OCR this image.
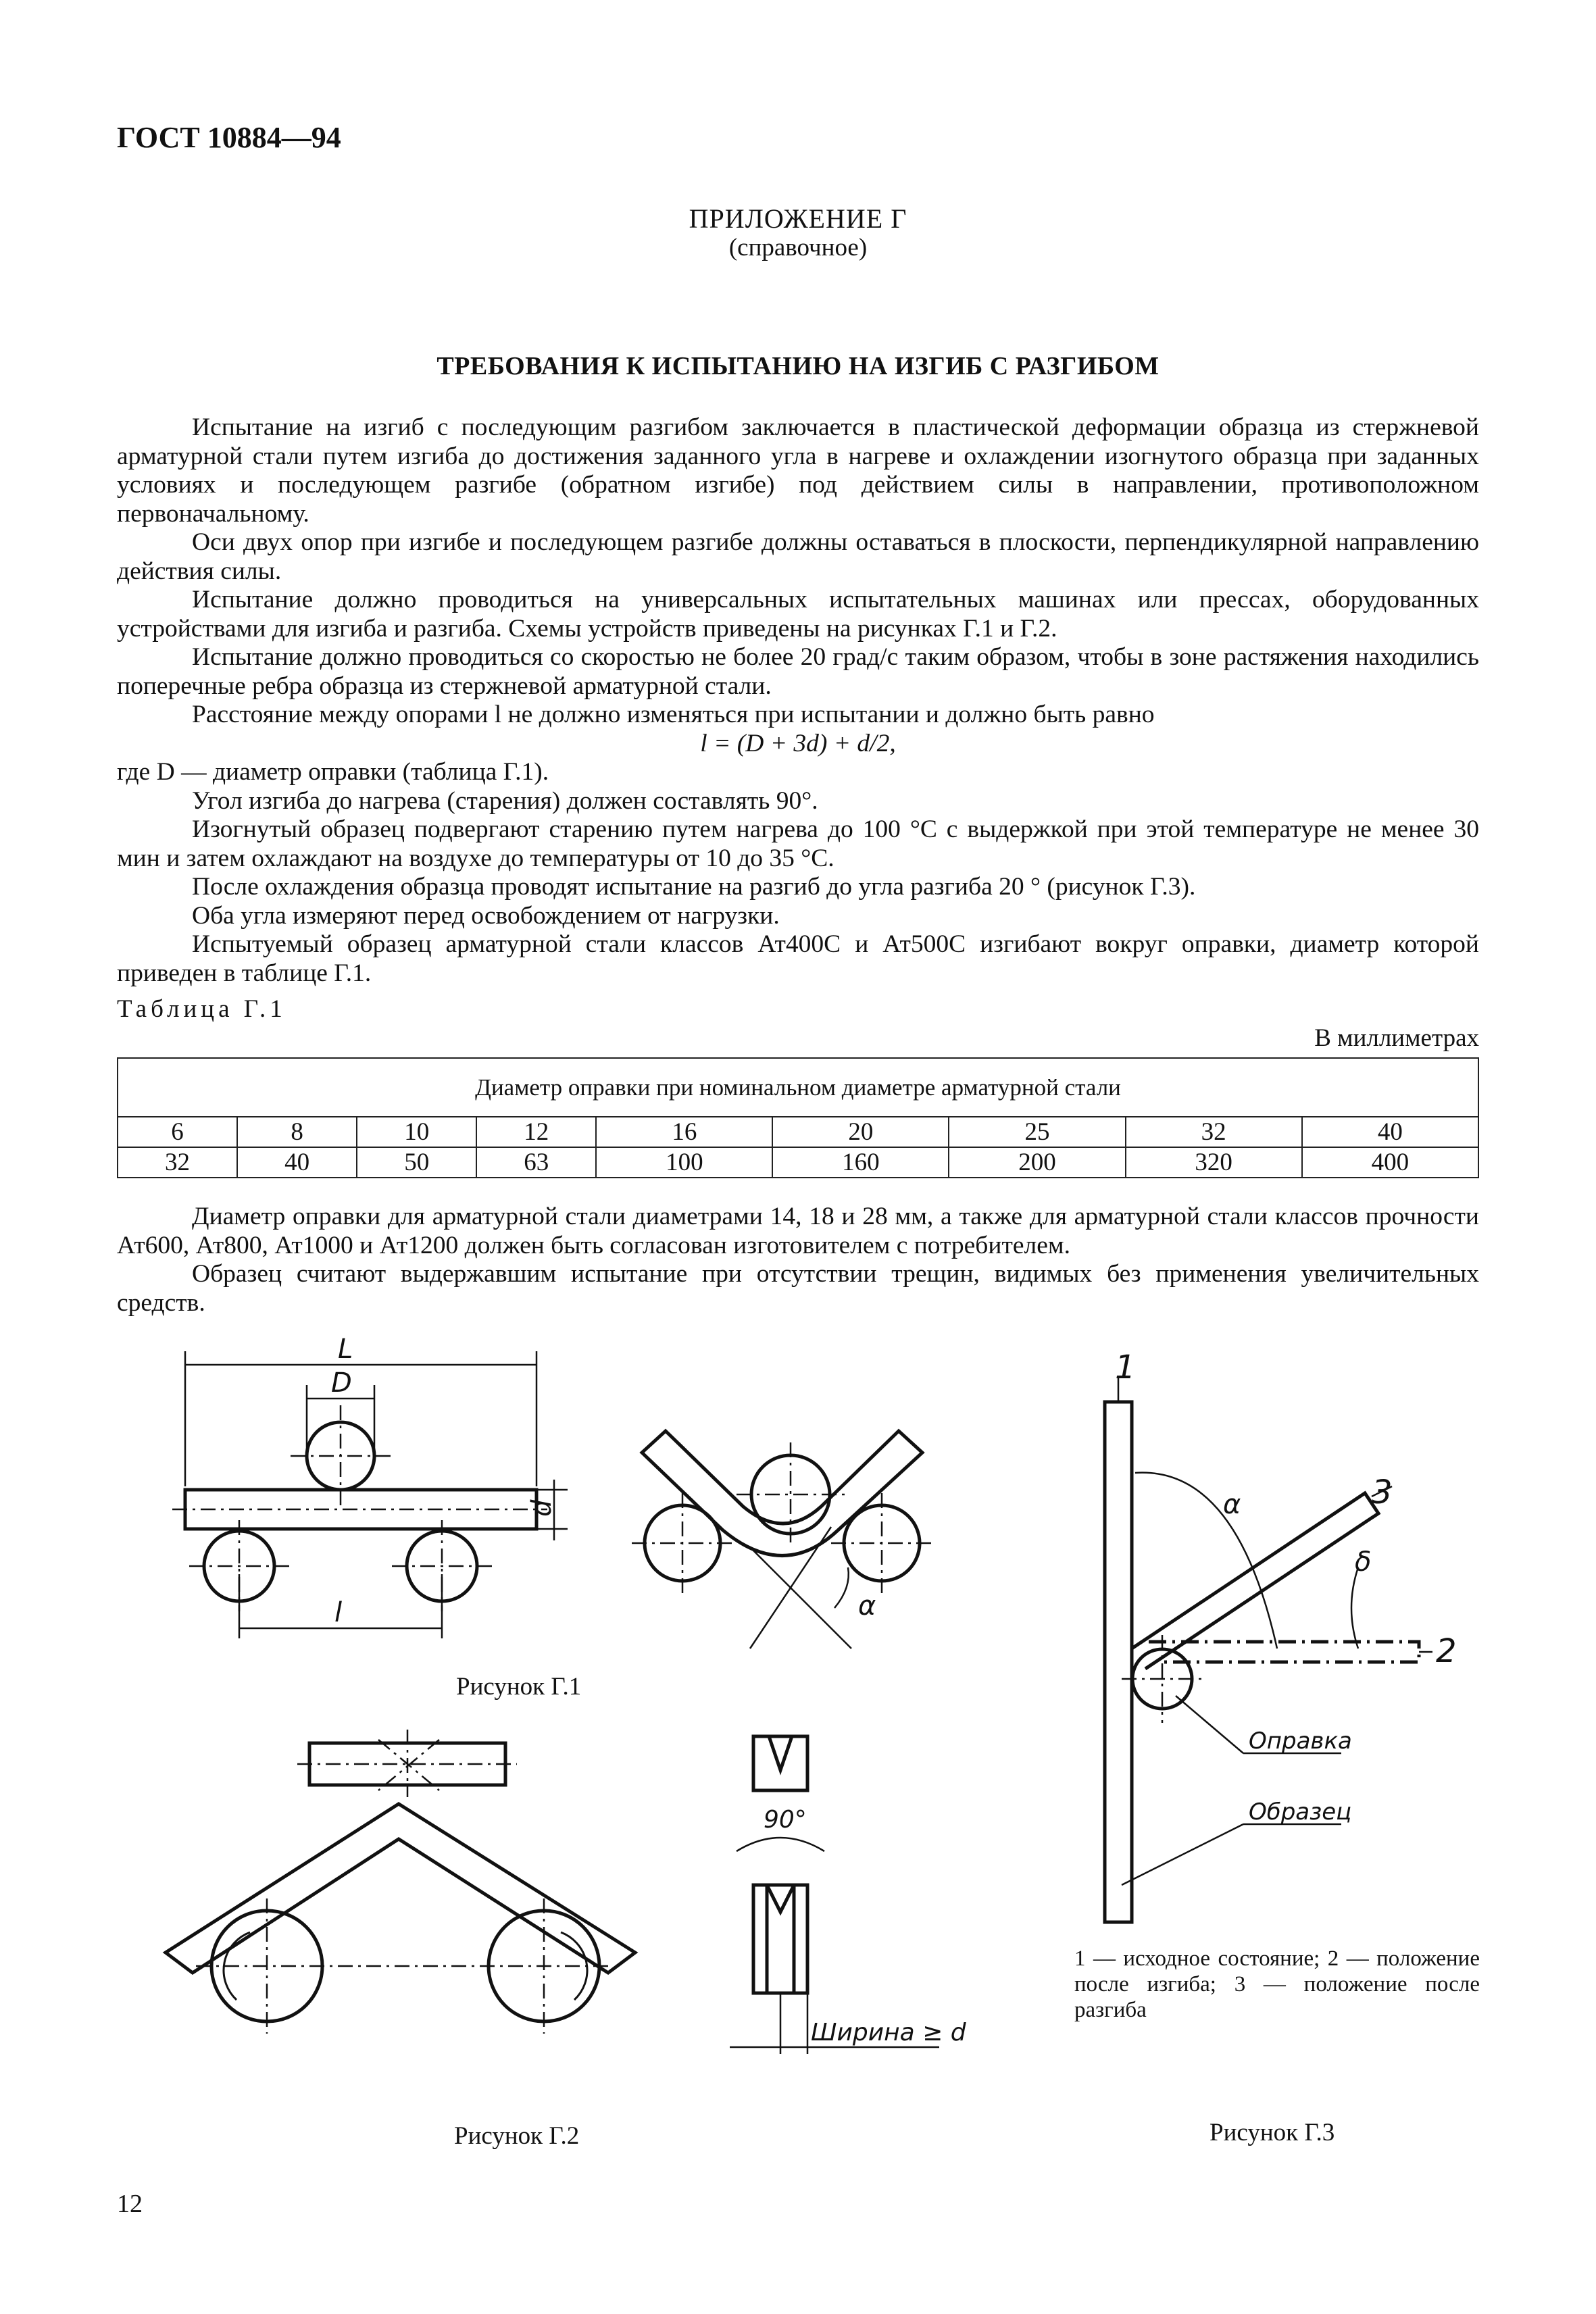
ГОСТ 10884—94
ПРИЛОЖЕНИЕ Г
(справочное)
ТРЕБОВАНИЯ К ИСПЫТАНИЮ НА ИЗГИБ С РАЗГИБОМ

Испытание на изгиб с последующим разгибом заключается в пластической деформации образца из стержневой арматурной стали путем изгиба до достижения заданного угла в нагреве и охлаждении изогнутого образца при заданных условиях и последующем разгибе (обратном изгибе) под действием силы в направлении, противоположном первоначальному.

Оси двух опор при изгибе и последующем разгибе должны оставаться в плоскости, перпендикулярной направлению действия силы.

Испытание должно проводиться на универсальных испытательных машинах или прессах, оборудованных устройствами для изгиба и разгиба. Схемы устройств приведены на рисунках Г.1 и Г.2.

Испытание должно проводиться со скоростью не более 20 град/с таким образом, чтобы в зоне растяжения находились поперечные ребра образца из стержневой арматурной стали.

Расстояние между опорами l не должно изменяться при испытании и должно быть равно

l = (D + 3d) + d/2,

где D — диаметр оправки (таблица Г.1).

Угол изгиба до нагрева (старения) должен составлять 90°.

Изогнутый образец подвергают старению путем нагрева до 100 °С с выдержкой при этой температуре не менее 30 мин и затем охлаждают на воздухе до температуры от 10 до 35 °С.

После охлаждения образца проводят испытание на разгиб до угла разгиба 20 ° (рисунок Г.3).

Оба угла измеряют перед освобождением от нагрузки.

Испытуемый образец арматурной стали классов Ат400С и Ат500С изгибают вокруг оправки, диаметр которой приведен в таблице Г.1.

Таблица Г.1
В миллиметрах
Диаметр оправки при номинальном диаметре арматурной стали								
6	8	10	12	16	20	25	32	40
32	40	50	63	100	160	200	320	400

Диаметр оправки для арматурной стали диаметрами 14, 18 и 28 мм, а также для арматурной стали классов прочности Ат600, Ат800, Ат1000 и Ат1200 должен быть согласован изготовителем с потребителем.

Образец считают выдержавшим испытание при отсутствии трещин, видимых без применения увеличительных средств.

L
D
d
l	α
90°
Ширина ≥ d
1
3
2
α
δ
Оправка
Образец
Рисунок Г.1
Рисунок Г.2
1 — исходное состояние; 2 — положение после изгиба; 3 — положение после разгиба
Рисунок Г.3
12
